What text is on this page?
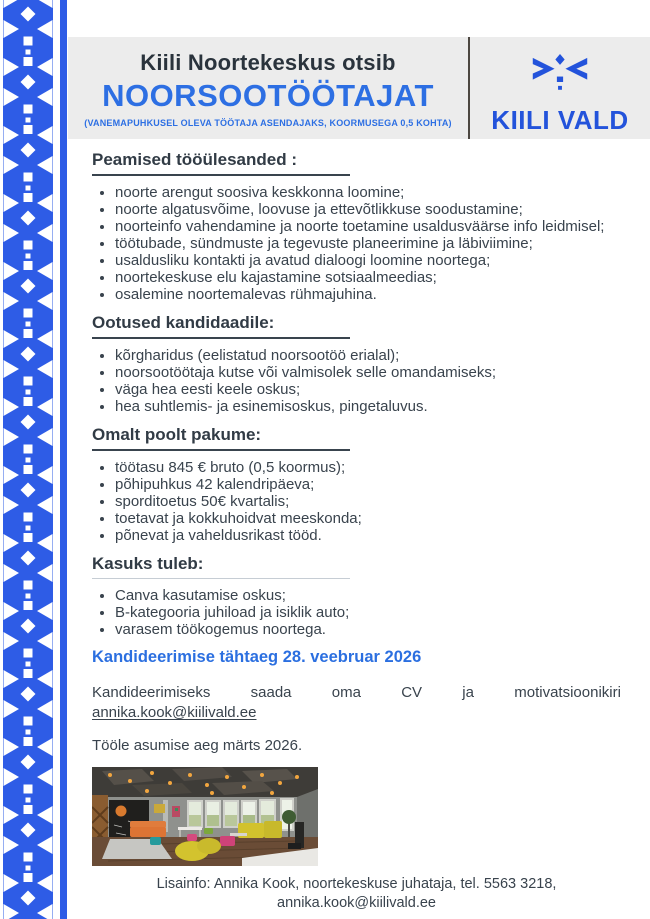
Kiili Noortekeskus otsib
NOORSOOTÖÖTAJAT
(VANEMAPUHKUSEL OLEVA TÖÖTAJA ASENDAJAKS, KOORMUSEGA 0,5 KOHTA)	KIILI VALD
Peamised tööülesanded :
• noorte arengut soosiva keskkonna loomine;
• noorte algatusvõime, loovuse ja ettevõtlikkuse soodustamine;
• noorteinfo vahendamine ja noorte toetamine usaldusväärse info leidmisel;
• töötubade, sündmuste ja tegevuste planeerimine ja läbiviimine;
• usaldusliku kontakti ja avatud dialoogi loomine noortega;
• noortekeskuse elu kajastamine sotsiaalmeedias;
• osalemine noortemalevas rühmajuhina.
Ootused kandidaadile:
• kõrgharidus (eelistatud noorsootöö erialal);
• noorsootöötaja kutse või valmisolek selle omandamiseks;
• väga hea eesti keele oskus;
• hea suhtlemis- ja esinemisoskus, pingetaluvus.
Omalt poolt pakume:
• töötasu 845 € bruto (0,5 koormus);
• põhipuhkus 42 kalendripäeva;
• sporditoetus 50€ kvartalis;
• toetavat ja kokkuhoidvat meeskonda;
• põnevat ja vaheldusrikast tööd.
Kasuks tuleb:
• Canva kasutamise oskus;
• B-kategooria juhiload ja isiklik auto;
• varasem töökogemus noortega.

Kandideerimise tähtaeg 28. veebruar 2026

Kandideerimiseks	saada	oma	CV	ja	motivatsioonikiri
annika.kook@kiilivald.ee

Tööle asumise aeg märts 2026.

Lisainfo: Annika Kook, noortekeskuse juhataja, tel. 5563 3218,
annika.kook@kiilivald.ee
